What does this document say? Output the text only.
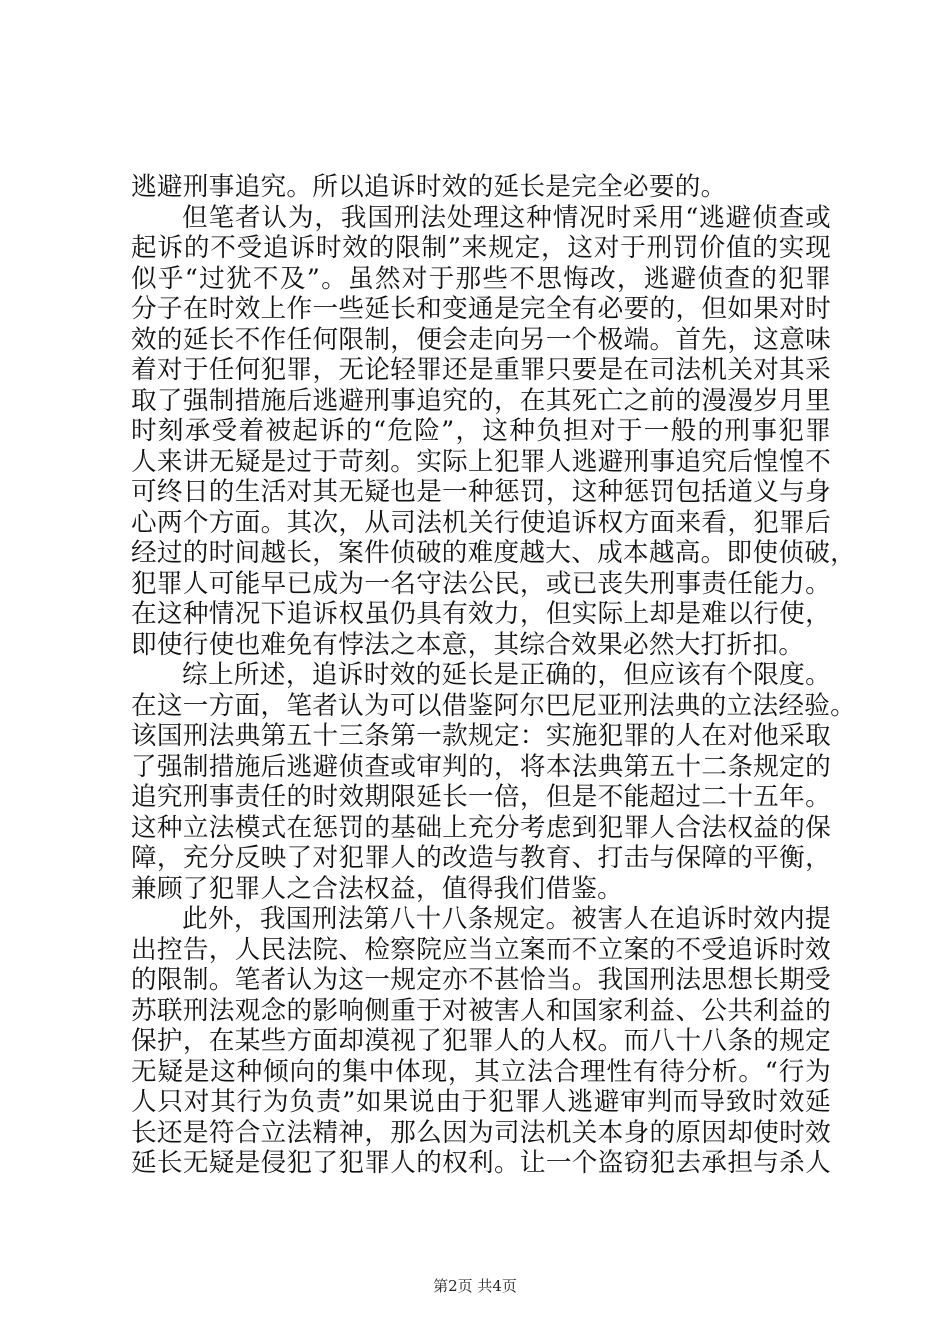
逃避刑事追究。所以追诉时效的延长是完全必要的。
但笔者认为，我国刑法处理这种情况时采用“逃避侦查或
起诉的不受追诉时效的限制”来规定，这对于刑罚价值的实现
似乎“过犹不及”。虽然对于那些不思悔改，逃避侦查的犯罪
分子在时效上作一些延长和变通是完全有必要的，但如果对时
效的延长不作任何限制，便会走向另一个极端。首先，这意味
着对于任何犯罪，无论轻罪还是重罪只要是在司法机关对其采
取了强制措施后逃避刑事追究的，在其死亡之前的漫漫岁月里
时刻承受着被起诉的“危险”，这种负担对于一般的刑事犯罪
人来讲无疑是过于苛刻。实际上犯罪人逃避刑事追究后惶惶不
可终日的生活对其无疑也是一种惩罚，这种惩罚包括道义与身
心两个方面。其次，从司法机关行使追诉权方面来看，犯罪后
经过的时间越长，案件侦破的难度越大、成本越高。即使侦破，
犯罪人可能早已成为一名守法公民，或已丧失刑事责任能力。
在这种情况下追诉权虽仍具有效力，但实际上却是难以行使，
即使行使也难免有悖法之本意，其综合效果必然大打折扣。
综上所述，追诉时效的延长是正确的，但应该有个限度。
在这一方面，笔者认为可以借鉴阿尔巴尼亚刑法典的立法经验。
该国刑法典第五十三条第一款规定：实施犯罪的人在对他采取
了强制措施后逃避侦查或审判的，将本法典第五十二条规定的
追究刑事责任的时效期限延长一倍，但是不能超过二十五年。
这种立法模式在惩罚的基础上充分考虑到犯罪人合法权益的保
障，充分反映了对犯罪人的改造与教育、打击与保障的平衡，
兼顾了犯罪人之合法权益，值得我们借鉴。
此外，我国刑法第八十八条规定。被害人在追诉时效内提
出控告，人民法院、检察院应当立案而不立案的不受追诉时效
的限制。笔者认为这一规定亦不甚恰当。我国刑法思想长期受
苏联刑法观念的影响侧重于对被害人和国家利益、公共利益的
保护，在某些方面却漠视了犯罪人的人权。而八十八条的规定
无疑是这种倾向的集中体现，其立法合理性有待分析。“行为
人只对其行为负责”如果说由于犯罪人逃避审判而导致时效延
长还是符合立法精神，那么因为司法机关本身的原因却使时效
延长无疑是侵犯了犯罪人的权利。让一个盗窃犯去承担与杀人
第2页 共4页
